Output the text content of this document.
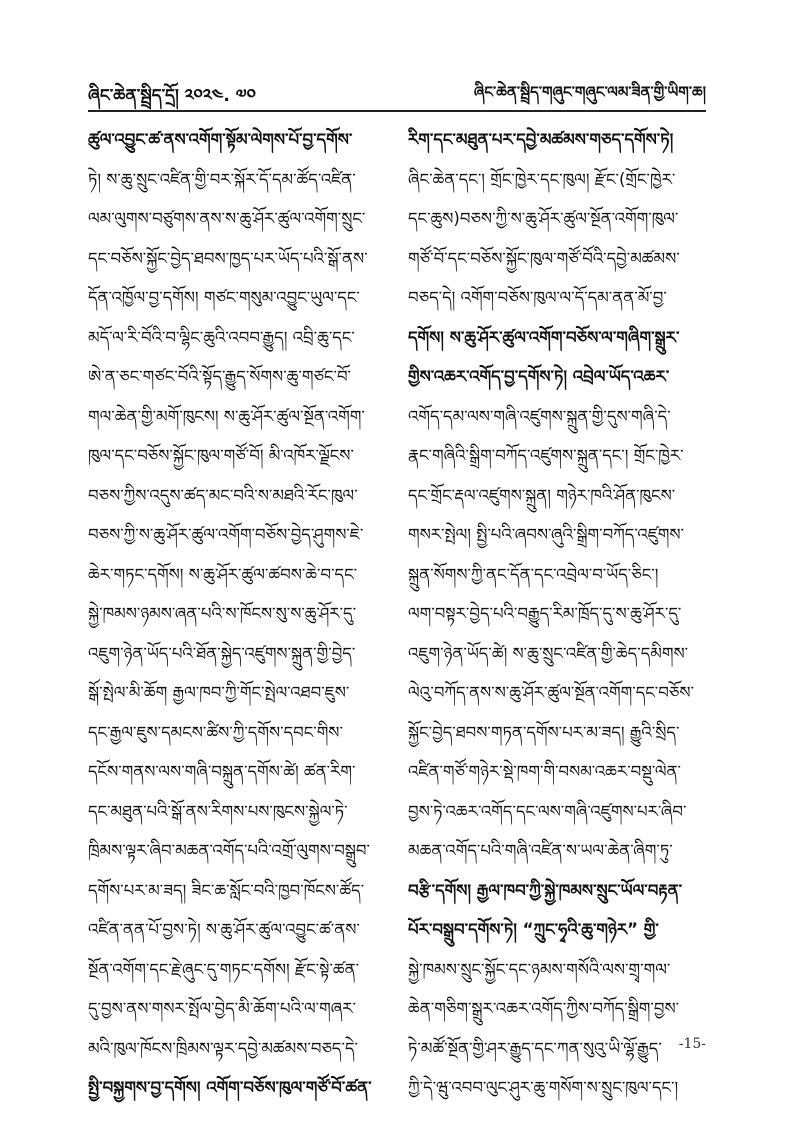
ཞིང་ཆེན་སྦྲིད་དྲོ། ༢༠༢༤. ༧༠	ཞིང་ཆེན་སྦྲིད་གཞུང་གཞུང་ལམ་ཟིན་གྱི་ཡིག་ཆ།
ཚུལ་འབྱུང་ཚ་ནས་འགོག་སྟོམ་ལེགས་པོ་བྱ་དགོས་
ཏེ། ས་ཆུ་སྲུང་འཛིན་གྱི་བར་སྐོར་དོ་དམ་ཚོད་འཛིན་
ལམ་ལུགས་བཙུགས་ནས་ས་ཆུ་ཤོར་ཚུལ་འགོག་སྲུང་
དང་བཅོས་སྐྱོང་བྱེད་ཐབས་ཁྱད་པར་ཡོད་པའི་སྒོ་ནས་
དོན་འཁྱོལ་བྱ་དགོས། གཙང་གསུམ་འབྱུང་ཡུལ་དང་
མདོ་ལ་རི་བོའི་བ་ལྷིང་ཆུའི་འབབ་རྒྱུད། འབྲི་ཆུ་དང་
ཨེ་ན་ཅང་གཙང་བོའི་སྟོད་རྒྱུད་སོགས་ཆུ་གཙང་བོ་
གལ་ཆེན་གྱི་མགོ་ཁུངས། ས་ཆུ་ཤོར་ཚུལ་སྔོན་འགོག་
ཁུལ་དང་བཅོས་སྐྱོང་ཁུལ་གཙོ་བོ། མི་འཁོར་ལྗོངས་
བཅས་ཀྱིས་འདུས་ཚད་མང་བའི་ས་མཐའི་རོང་ཁུལ་
བཅས་ཀྱི་ས་ཆུ་ཤོར་ཚུལ་འགོག་བཅོས་བྱེད་ཤུགས་ཇེ་
ཆེར་གཏང་དགོས། ས་ཆུ་ཤོར་ཚུལ་ཚབས་ཆེ་བ་དང་
སྐྱེ་ཁམས་ཉམས་ཞན་པའི་ས་ཁོངས་སུ་ས་ཆུ་ཤོར་དུ་
འཇུག་ཉེན་ཡོད་པའི་ཐོན་སྐྱེད་འཛུགས་སྐྲུན་གྱི་བྱེད་
སྒོ་སྤེལ་མི་ཆོག རྒྱལ་ཁབ་ཀྱི་གོང་སྤེལ་འཐབ་ཇུས་
དང་རྒྱལ་ཇུས་དམངས་ཚིས་ཀྱི་དགོས་དབང་གིས་
དངོས་གནས་ལས་གཞི་བསྐྲུན་དགོས་ཚེ། ཚན་རིག་
དང་མཐུན་པའི་སྒོ་ནས་རིགས་པས་ཁུངས་སྐྱེལ་ཏེ་
ཁྲིམས་ལྟར་ཞིབ་མཆན་འགོད་པའི་འགྲོ་ལུགས་བསྒྲུབ་
དགོས་པར་མ་ཟད། ཟིང་ཆ་སློང་བའི་ཁྱབ་ཁོངས་ཚོད་
འཛིན་ནན་པོ་བྱས་ཏེ། ས་ཆུ་ཤོར་ཚུལ་འབྱུང་ཚ་ནས་
སྔོན་འགོག་དང་རྗེ་ཞུང་དུ་གཏང་དགོས། རྫོང་སྟེ་ཚན་
དུ་བྱས་ནས་གསར་སྤོལ་བྱེད་མི་ཆོག་པའི་ལ་གཞར་
མའི་ཁུལ་ཁོངས་ཁྲིམས་ལྟར་དབྱེ་མཚམས་བཅད་དེ་
སྤྱི་བསྐྱགས་བྱ་དགོས། འགོག་བཅོས་ཁུལ་གཙོ་བོ་ཚན་
རིག་དང་མཐུན་པར་དབྱེ་མཚམས་གཅད་དགོས་ཏེ།
ཞིང་ཆེན་དང་། གྲོང་ཁྱེར་དང་ཁུལ། རྫོང་(གྲོང་ཁྱེར་
དང་ཆུས)བཅས་ཀྱི་ས་ཆུ་ཤོར་ཚུལ་སྔོན་འགོག་ཁུལ་
གཙོ་བོ་དང་བཅོས་སྐྱོང་ཁུལ་གཙོ་བོའི་དབྱེ་མཚམས་
བཅད་དེ། འགོག་བཅོས་ཁུལ་ལ་དོ་དམ་ནན་མོ་བྱ་
དགོས། ས་ཆུ་ཤོར་ཚུལ་འགོག་བཅོས་ལ་གཞིག་སྒྲུར་
གྱིས་འཆར་འགོད་བྱ་དགོས་ཏེ། འབྲེལ་ཡོད་འཆར་
འགོད་དམ་ལས་གཞི་འཛུགས་སྐྲུན་གྱི་དུས་གཞི་དེ་
རྣང་གཞིའི་སྒྲིག་བཀོད་འཛུགས་སྐྲུན་དང་། གྲོང་ཁྱེར་
དང་གྲོང་རྡལ་འཛུགས་སྐྲུན། གཉེར་ཁའི་ཤོན་ཁུངས་
གསར་སྤེལ། སྤྱི་པའི་ཞབས་ཞུའི་སྒྲིག་བཀོད་འཛུགས་
སྐྲུན་སོགས་ཀྱི་ནང་དོན་དང་འབྲེལ་བ་ཡོད་ཅིང་།
ལག་བསྟར་བྱེད་པའི་བརྒྱུད་རིམ་ཁྲོད་དུ་ས་ཆུ་ཤོར་དུ་
འཇུག་ཉེན་ཡོད་ཚེ། ས་ཆུ་སྲུང་འཛིན་གྱི་ཆེད་དམིགས་
ལེའུ་བཀོད་ནས་ས་ཆུ་ཤོར་ཚུལ་སྔོན་འགོག་དང་བཅོས་
སྐྱོང་བྱེད་ཐབས་གཏན་དགོས་པར་མ་ཟད། རྒྱུའི་སྲིད་
འཛིན་གཙོ་གཉེར་སྡེ་ཁག་གི་བསམ་འཆར་བསྡུ་ལེན་
བྱས་ཏེ་འཆར་འགོད་དང་ལས་གཞི་འཛུགས་པར་ཞིབ་
མཆན་འགོད་པའི་གཞི་འཛིན་ས་ཡལ་ཆེན་ཞིག་ཏུ་
བརྩི་དགོས། རྒྱལ་ཁབ་ཀྱི་སྐྱེ་ཁམས་སྲུང་ཡོལ་བརྟན་
པོར་བསྒྲུབ་དགོས་ཏེ། “ཀྲུང་ཧྭའི་ཆུ་གཉེར” གྱི་
སྐྱེ་ཁམས་སྲུང་སྐྱོང་དང་ཉམས་གསོའི་ལས་གྲྭ་གལ་
ཆེན་གཅིག་སྒྲུར་འཆར་འགོད་ཀྱིས་བཀོད་སྒྲིག་བྱས་
ཏེ་མཚོ་སྔོན་གྱི་ཤར་རྒྱུད་དང་ཀན་སུའུ་ཡི་ལྷོ་རྒྱུད་
ཀྱི་དེ་ཝུ་འབབ་ལུང་ཤུར་ཆུ་གསོག་ས་སྲུང་ཁུལ་དང་།
-15-
